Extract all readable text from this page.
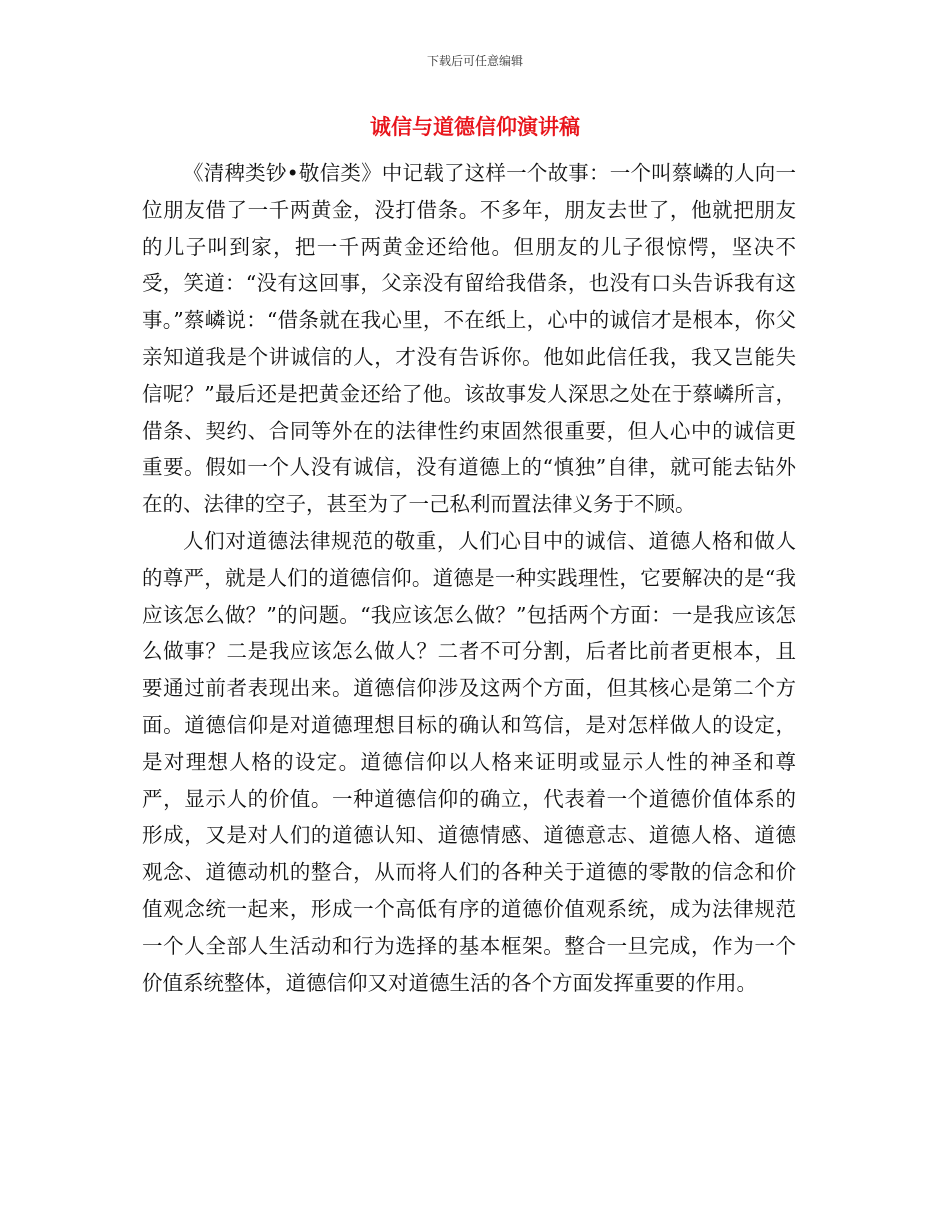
下载后可任意编辑
诚信与道德信仰演讲稿

《清稗类钞•敬信类》中记载了这样一个故事：一个叫蔡嶙的人向一位朋友借了一千两黄金，没打借条。不多年，朋友去世了，他就把朋友的儿子叫到家，把一千两黄金还给他。但朋友的儿子很惊愕，坚决不受，笑道：“没有这回事，父亲没有留给我借条，也没有口头告诉我有这事。”蔡嶙说：“借条就在我心里，不在纸上，心中的诚信才是根本，你父亲知道我是个讲诚信的人，才没有告诉你。他如此信任我，我又岂能失信呢？”最后还是把黄金还给了他。该故事发人深思之处在于蔡嶙所言，借条、契约、合同等外在的法律性约束固然很重要，但人心中的诚信更重要。假如一个人没有诚信，没有道德上的“慎独”自律，就可能去钻外在的、法律的空子，甚至为了一己私利而置法律义务于不顾。

人们对道德法律规范的敬重，人们心目中的诚信、道德人格和做人的尊严，就是人们的道德信仰。道德是一种实践理性，它要解决的是“我应该怎么做？”的问题。“我应该怎么做？”包括两个方面：一是我应该怎么做事？二是我应该怎么做人？二者不可分割，后者比前者更根本，且要通过前者表现出来。道德信仰涉及这两个方面，但其核心是第二个方面。道德信仰是对道德理想目标的确认和笃信，是对怎样做人的设定，是对理想人格的设定。道德信仰以人格来证明或显示人性的神圣和尊严，显示人的价值。一种道德信仰的确立，代表着一个道德价值体系的形成，又是对人们的道德认知、道德情感、道德意志、道德人格、道德观念、道德动机的整合，从而将人们的各种关于道德的零散的信念和价值观念统一起来，形成一个高低有序的道德价值观系统，成为法律规范一个人全部人生活动和行为选择的基本框架。整合一旦完成，作为一个价值系统整体，道德信仰又对道德生活的各个方面发挥重要的作用。
